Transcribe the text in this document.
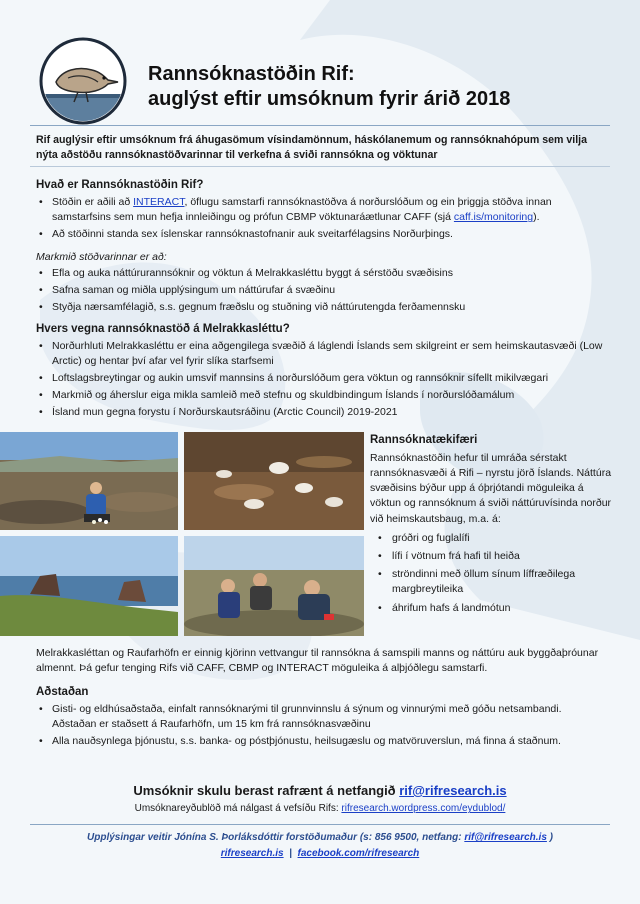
Rannsóknastöðin Rif:
auglýst eftir umsóknum fyrir árið 2018
Rif auglýsir eftir umsóknum frá áhugasömum vísindamönnum, háskólanemum og rannsóknahópum sem vilja nýta aðstöðu rannsóknastöðvarinnar til verkefna á sviði rannsókna og vöktunar
Hvað er Rannsóknastöðin Rif?
• Stöðin er aðili að INTERACT, öflugu samstarfi rannsóknastöðva á norðurslóðum og ein þriggja stöðva innan samstarfsins sem mun hefja innleiðingu og prófun CBMP vöktunaráætlunar CAFF (sjá caff.is/monitoring).
• Að stöðinni standa sex íslenskar rannsóknastofnanir auk sveitarfélagsins Norðurþings.
Markmið stöðvarinnar er að:
• Efla og auka náttúrurannsóknir og vöktun á Melrakkasléttu byggt á sérstöðu svæðisins
• Safna saman og miðla upplýsingum um náttúrufar á svæðinu
• Styðja nærsamfélagið, s.s. gegnum fræðslu og stuðning við náttúrutengda ferðamennsku
Hvers vegna rannsóknastöð á Melrakkasléttu?
• Norðurhluti Melrakkasléttu er eina aðgengilega svæðið á láglendi Íslands sem skilgreint er sem heimskautasvæði (Low Arctic) og hentar því afar vel fyrir slíka starfsemi
• Loftslagsbreytingar og aukin umsvif mannsins á norðurslóðum gera vöktun og rannsóknir sífellt mikilvægari
• Markmið og áherslur eiga mikla samleið með stefnu og skuldbindingum Íslands í norðurslóðamálum
• Ísland mun gegna forystu í Norðurskautsráðinu (Arctic Council) 2019-2021
Rannsóknatækifæri
Rannsóknastöðin hefur til umráða sérstakt rannsóknasvæði á Rifi – nyrstu jörð Íslands. Náttúra svæðisins býður upp á óþrjótandi möguleika á vöktun og rannsóknum á sviði náttúruvísinda norður við heimskautsbaug, m.a. á:
• gróðri og fuglalífi
• lífi í vötnum frá hafi til heiða
• ströndinni með öllum sínum líffræðilega margbreytileika
• áhrifum hafs á landmótun
Melrakkasléttan og Raufarhöfn er einnig kjörinn vettvangur til rannsókna á samspili manns og náttúru auk byggðaþróunar almennt. Þá gefur tenging Rifs við CAFF, CBMP og INTERACT möguleika á alþjóðlegu samstarfi.
Aðstaðan
• Gisti- og eldhúsaðstaða, einfalt rannsóknarými til grunnvinnslu á sýnum og vinnurými með góðu netsambandi. Aðstaðan er staðsett á Raufarhöfn, um 15 km frá rannsóknasvæðinu
• Alla nauðsynlega þjónustu, s.s. banka- og póstþjónustu, heilsugæslu og matvöruverslun, má finna á staðnum.
Umsóknir skulu berast rafrænt á netfangið rif@rifresearch.is
Umsóknareyðublöð má nálgast á vefsíðu Rifs: rifresearch.wordpress.com/eydublod/
Upplýsingar veitir Jónína S. Þorláksdóttir forstöðumaður (s: 856 9500, netfang: rif@rifresearch.is )
rifresearch.is  |  facebook.com/rifresearch
